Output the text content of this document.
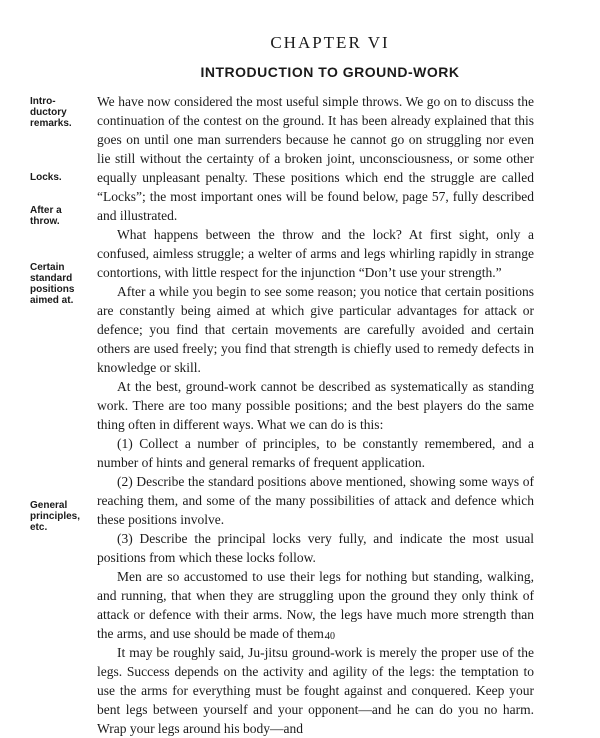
CHAPTER VI
INTRODUCTION TO GROUND-WORK
Intro-
ductory
remarks.
Locks.
After a
throw.
Certain
standard
positions
aimed at.
General
principles,
etc.

We have now considered the most useful simple throws. We go on to discuss the continuation of the contest on the ground. It has been already explained that this goes on until one man surrenders because he cannot go on struggling nor even lie still without the certainty of a broken joint, unconsciousness, or some other equally unpleasant penalty. These positions which end the struggle are called “Locks”; the most important ones will be found below, page 57, fully described and illustrated.

What happens between the throw and the lock? At first sight, only a confused, aimless struggle; a welter of arms and legs whirling rapidly in strange contortions, with little respect for the injunction “Don’t use your strength.”

After a while you begin to see some reason; you notice that certain positions are constantly being aimed at which give particular advantages for attack or defence; you find that certain movements are carefully avoided and certain others are used freely; you find that strength is chiefly used to remedy defects in knowledge or skill.

At the best, ground-work cannot be described as systematically as standing work. There are too many possible positions; and the best players do the same thing often in different ways. What we can do is this:

(1) Collect a number of principles, to be constantly remembered, and a number of hints and general remarks of frequent application.

(2) Describe the standard positions above mentioned, showing some ways of reaching them, and some of the many possibilities of attack and defence which these positions involve.

(3) Describe the principal locks very fully, and indicate the most usual positions from which these locks follow.

Men are so accustomed to use their legs for nothing but standing, walking, and running, that when they are struggling upon the ground they only think of attack or defence with their arms. Now, the legs have much more strength than the arms, and use should be made of them.

It may be roughly said, Ju-jitsu ground-work is merely the proper use of the legs. Success depends on the activity and agility of the legs: the temptation to use the arms for everything must be fought against and conquered. Keep your bent legs between yourself and your opponent—and he can do you no harm. Wrap your legs around his body—and

40
